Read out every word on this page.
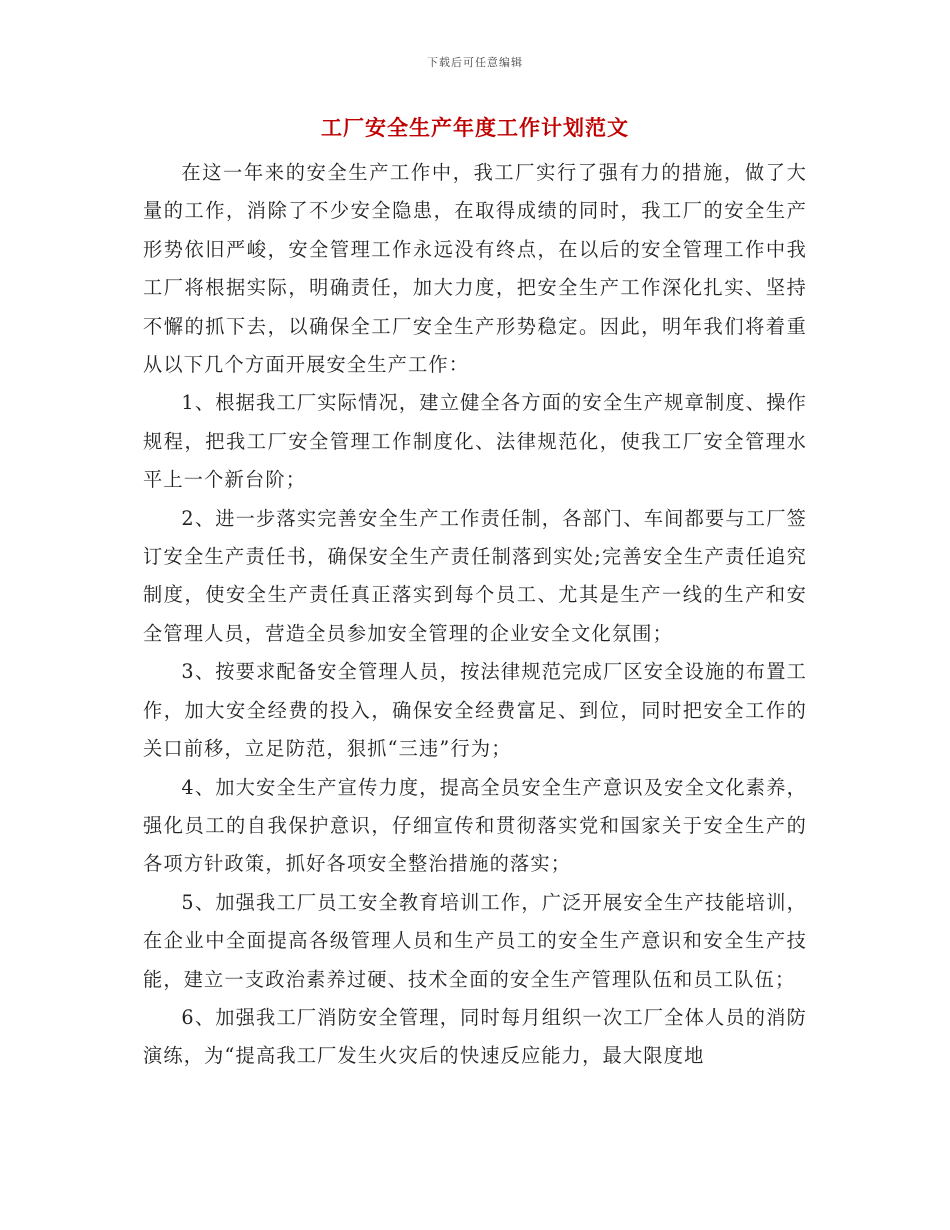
下载后可任意编辑
工厂安全生产年度工作计划范文

在这一年来的安全生产工作中，我工厂实行了强有力的措施，做了大量的工作，消除了不少安全隐患，在取得成绩的同时，我工厂的安全生产形势依旧严峻，安全管理工作永远没有终点，在以后的安全管理工作中我工厂将根据实际，明确责任，加大力度，把安全生产工作深化扎实、坚持不懈的抓下去，以确保全工厂安全生产形势稳定。因此，明年我们将着重从以下几个方面开展安全生产工作：

1、根据我工厂实际情况，建立健全各方面的安全生产规章制度、操作规程，把我工厂安全管理工作制度化、法律规范化，使我工厂安全管理水平上一个新台阶；

2、进一步落实完善安全生产工作责任制，各部门、车间都要与工厂签订安全生产责任书，确保安全生产责任制落到实处;完善安全生产责任追究制度，使安全生产责任真正落实到每个员工、尤其是生产一线的生产和安全管理人员，营造全员参加安全管理的企业安全文化氛围；

3、按要求配备安全管理人员，按法律规范完成厂区安全设施的布置工作，加大安全经费的投入，确保安全经费富足、到位，同时把安全工作的关口前移，立足防范，狠抓“三违”行为；

4、加大安全生产宣传力度，提高全员安全生产意识及安全文化素养，强化员工的自我保护意识，仔细宣传和贯彻落实党和国家关于安全生产的各项方针政策，抓好各项安全整治措施的落实；

5、加强我工厂员工安全教育培训工作，广泛开展安全生产技能培训，在企业中全面提高各级管理人员和生产员工的安全生产意识和安全生产技能，建立一支政治素养过硬、技术全面的安全生产管理队伍和员工队伍；

6、加强我工厂消防安全管理，同时每月组织一次工厂全体人员的消防演练，为“提高我工厂发生火灾后的快速反应能力，最大限度地
